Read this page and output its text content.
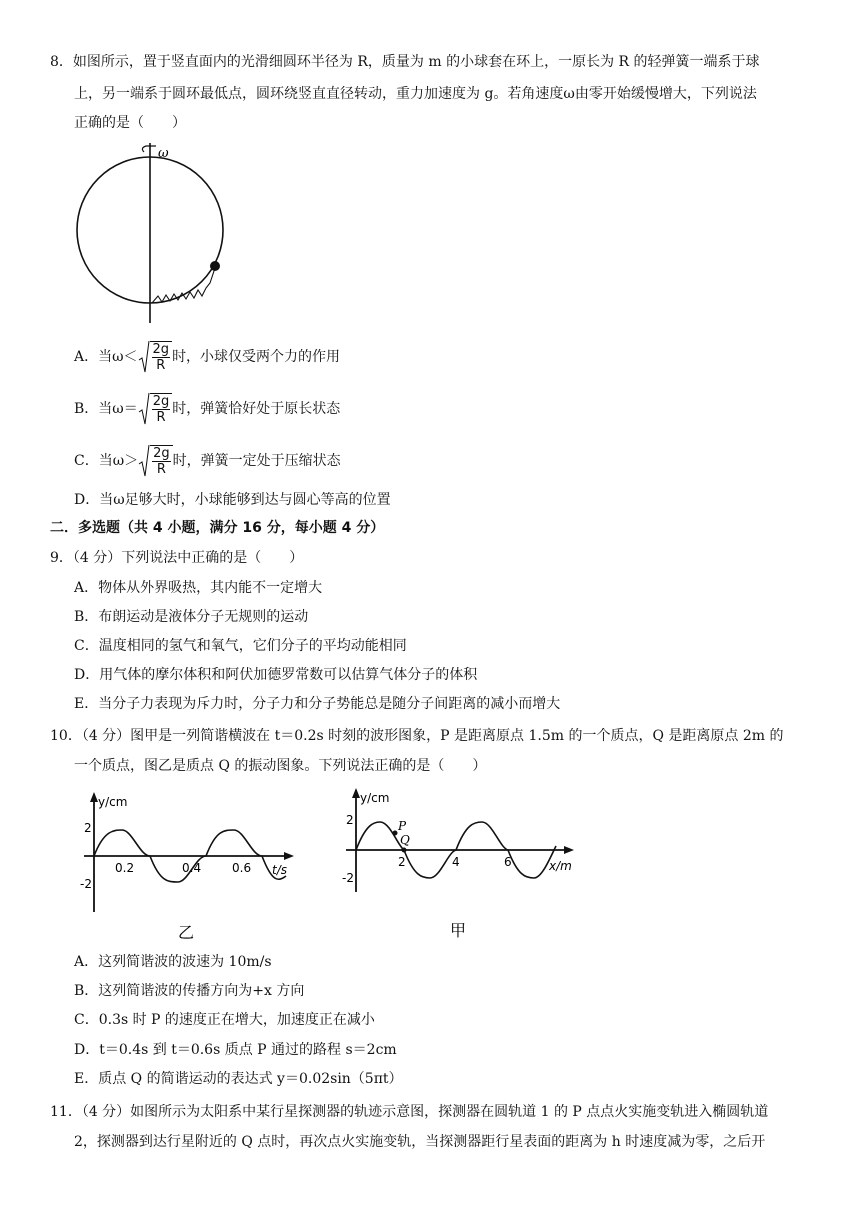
8．如图所示，置于竖直面内的光滑细圆环半径为 R，质量为 m 的小球套在环上，一原长为 R 的轻弹簧一端系于球
上，另一端系于圆环最低点，圆环绕竖直直径转动，重力加速度为 g。若角速度ω由零开始缓慢增大，下列说法
正确的是（　　）
ω
A．当$\omega< \frac{2g}{R}$ 时，小球仅受两个力的作用
B．当$\omega= \frac{2g}{R}$ 时，弹簧恰好处于原长状态
C．当$\omega> \frac{2g}{R}$ 时，弹簧一定处于压缩状态
D．当ω足够大时，小球能够到达与圆心等高的位置
二．多选题（共 4 小题，满分 16 分，每小题 4 分）
9．（4 分）下列说法中正确的是（　　）
A．物体从外界吸热，其内能不一定增大
B．布朗运动是液体分子无规则的运动
C．温度相同的氢气和氧气，它们分子的平均动能相同
D．用气体的摩尔体积和阿伏加德罗常数可以估算气体分子的体积
E．当分子力表现为斥力时，分子力和分子势能总是随分子间距离的减小而增大
10．（4 分）图甲是一列简谐横波在 t＝0.2s 时刻的波形图象，P 是距离原点 1.5m 的一个质点，Q 是距离原点 2m 的
一个质点，图乙是质点 Q 的振动图象。下列说法正确的是（　　）
y/cm
t/s
2
-2
0.2	0.4	0.6
乙
y/cm
x/m
2
-2
2	4	6
P
Q
甲
A．这列简谐波的波速为 10m/s
B．这列简谐波的传播方向为+x 方向
C．0.3s 时 P 的速度正在增大，加速度正在减小
D．t＝0.4s 到 t＝0.6s 质点 P 通过的路程 s＝2cm
E．质点 Q 的简谐运动的表达式 y＝0.02sin（5πt）
11．（4 分）如图所示为太阳系中某行星探测器的轨迹示意图，探测器在圆轨道 1 的 P 点点火实施变轨进入椭圆轨道
2，探测器到达行星附近的 Q 点时，再次点火实施变轨，当探测器距行星表面的距离为 h 时速度减为零，之后开
